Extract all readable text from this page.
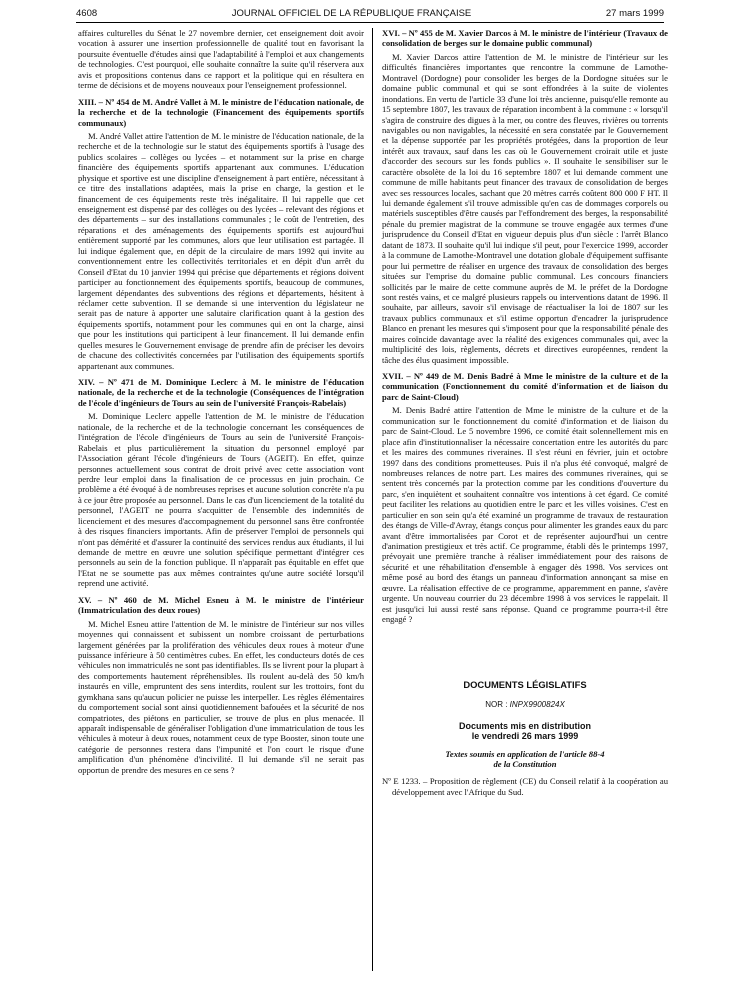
4608	JOURNAL OFFICIEL DE LA RÉPUBLIQUE FRANÇAISE	27 mars 1999

affaires culturelles du Sénat le 27 novembre dernier, cet enseignement doit avoir vocation à assurer une insertion professionnelle de qualité tout en favorisant la poursuite éventuelle d'études ainsi que l'adaptabilité à l'emploi et aux changements de technologies. C'est pourquoi, elle souhaite connaître la suite qu'il réservera aux avis et propositions contenus dans ce rapport et la politique qui en résultera en terme de décisions et de moyens nouveaux pour l'enseignement professionnel.

XIII. – Nº 454 de M. André Vallet à M. le ministre de l'éducation nationale, de la recherche et de la technologie (Financement des équipements sportifs communaux)

M. André Vallet attire l'attention de M. le ministre de l'éducation nationale, de la recherche et de la technologie sur le statut des équipements sportifs à l'usage des publics scolaires – collèges ou lycées – et notamment sur la prise en charge financière des équipements sportifs appartenant aux communes. L'éducation physique et sportive est une discipline d'enseignement à part entière, nécessitant à ce titre des installations adaptées, mais la prise en charge, la gestion et le financement de ces équipements reste très inégalitaire. Il lui rappelle que cet enseignement est dispensé par des collèges ou des lycées – relevant des régions et des départements – sur des installations communales ; le coût de l'entretien, des réparations et des aménagements des équipements sportifs est aujourd'hui entièrement supporté par les communes, alors que leur utilisation est partagée. Il lui indique également que, en dépit de la circulaire de mars 1992 qui invite au conventionnement entre les collectivités territoriales et en dépit d'un arrêt du Conseil d'Etat du 10 janvier 1994 qui précise que départements et régions doivent participer au fonctionnement des équipements sportifs, beaucoup de communes, largement dépendantes des subventions des régions et départements, hésitent à réclamer cette subvention. Il se demande si une intervention du législateur ne serait pas de nature à apporter une salutaire clarification quant à la gestion des équipements sportifs, notamment pour les communes qui en ont la charge, ainsi que pour les institutions qui participent à leur financement. Il lui demande enfin quelles mesures le Gouvernement envisage de prendre afin de préciser les devoirs de chacune des collectivités concernées par l'utilisation des équipements sportifs appartenant aux communes.

XIV. – Nº 471 de M. Dominique Leclerc à M. le ministre de l'éducation nationale, de la recherche et de la technologie (Conséquences de l'intégration de l'école d'ingénieurs de Tours au sein de l'université François-Rabelais)

M. Dominique Leclerc appelle l'attention de M. le ministre de l'éducation nationale, de la recherche et de la technologie concernant les conséquences de l'intégration de l'école d'ingénieurs de Tours au sein de l'université François-Rabelais et plus particulièrement la situation du personnel employé par l'Association gérant l'école d'ingénieurs de Tours (AGEIT). En effet, quinze personnes actuellement sous contrat de droit privé avec cette association vont perdre leur emploi dans la finalisation de ce processus en juin prochain. Ce problème a été évoqué à de nombreuses reprises et aucune solution concrète n'a pu à ce jour être proposée au personnel. Dans le cas d'un licenciement de la totalité du personnel, l'AGEIT ne pourra s'acquitter de l'ensemble des indemnités de licenciement et des mesures d'accompagnement du personnel sans être confrontée à des risques financiers importants. Afin de préserver l'emploi de personnels qui n'ont pas démérité et d'assurer la continuité des services rendus aux étudiants, il lui demande de mettre en œuvre une solution spécifique permettant d'intégrer ces personnels au sein de la fonction publique. Il n'apparaît pas équitable en effet que l'Etat ne se soumette pas aux mêmes contraintes qu'une autre société lorsqu'il reprend une activité.

XV. – Nº 460 de M. Michel Esneu à M. le ministre de l'intérieur (Immatriculation des deux roues)

M. Michel Esneu attire l'attention de M. le ministre de l'intérieur sur nos villes moyennes qui connaissent et subissent un nombre croissant de perturbations largement générées par la prolifération des véhicules deux roues à moteur d'une puissance inférieure à 50 centimètres cubes. En effet, les conducteurs dotés de ces véhicules non immatriculés ne sont pas identifiables. Ils se livrent pour la plupart à des comportements hautement répréhensibles. Ils roulent au-delà des 50 km/h instaurés en ville, empruntent des sens interdits, roulent sur les trottoirs, font du gymkhana sans qu'aucun policier ne puisse les interpeller. Les règles élémentaires du comportement social sont ainsi quotidiennement bafouées et la sécurité de nos compatriotes, des piétons en particulier, se trouve de plus en plus menacée. Il apparaît indispensable de généraliser l'obligation d'une immatriculation de tous les véhicules à moteur à deux roues, notamment ceux de type Booster, sinon toute une catégorie de personnes restera dans l'impunité et l'on court le risque d'une amplification d'un phénomène d'incivilité. Il lui demande s'il ne serait pas opportun de prendre des mesures en ce sens ?

XVI. – Nº 455 de M. Xavier Darcos à M. le ministre de l'intérieur (Travaux de consolidation de berges sur le domaine public communal)

M. Xavier Darcos attire l'attention de M. le ministre de l'intérieur sur les difficultés financières importantes que rencontre la commune de Lamothe-Montravel (Dordogne) pour consolider les berges de la Dordogne situées sur le domaine public communal et qui se sont effondrées à la suite de violentes inondations. En vertu de l'article 33 d'une loi très ancienne, puisqu'elle remonte au 15 septembre 1807, les travaux de réparation incombent à la commune : « lorsqu'il s'agira de construire des digues à la mer, ou contre des fleuves, rivières ou torrents navigables ou non navigables, la nécessité en sera constatée par le Gouvernement et la dépense supportée par les propriétés protégées, dans la proportion de leur intérêt aux travaux, sauf dans les cas où le Gouvernement croirait utile et juste d'accorder des secours sur les fonds publics ». Il souhaite le sensibiliser sur le caractère obsolète de la loi du 16 septembre 1807 et lui demande comment une commune de mille habitants peut financer des travaux de consolidation de berges avec ses ressources locales, sachant que 20 mètres carrés coûtent 800 000 F HT. Il lui demande également s'il trouve admissible qu'en cas de dommages corporels ou matériels susceptibles d'être causés par l'effondrement des berges, la responsabilité pénale du premier magistrat de la commune se trouve engagée aux termes d'une jurisprudence du Conseil d'Etat en vigueur depuis plus d'un siècle : l'arrêt Blanco datant de 1873. Il souhaite qu'il lui indique s'il peut, pour l'exercice 1999, accorder à la commune de Lamothe-Montravel une dotation globale d'équipement suffisante pour lui permettre de réaliser en urgence des travaux de consolidation des berges situées sur l'emprise du domaine public communal. Les concours financiers sollicités par le maire de cette commune auprès de M. le préfet de la Dordogne sont restés vains, et ce malgré plusieurs rappels ou interventions datant de 1996. Il souhaite, par ailleurs, savoir s'il envisage de réactualiser la loi de 1807 sur les travaux publics communaux et s'il estime opportun d'encadrer la jurisprudence Blanco en prenant les mesures qui s'imposent pour que la responsabilité pénale des maires coïncide davantage avec la réalité des exigences communales qui, avec la multiplicité des lois, règlements, décrets et directives européennes, rendent la tâche des élus quasiment impossible.

XVII. – Nº 449 de M. Denis Badré à Mme le ministre de la culture et de la communication (Fonctionnement du comité d'information et de liaison du parc de Saint-Cloud)

M. Denis Badré attire l'attention de Mme le ministre de la culture et de la communication sur le fonctionnement du comité d'information et de liaison du parc de Saint-Cloud. Le 5 novembre 1996, ce comité était solennellement mis en place afin d'institutionnaliser la nécessaire concertation entre les autorités du parc et les maires des communes riveraines. Il s'est réuni en février, juin et octobre 1997 dans des conditions prometteuses. Puis il n'a plus été convoqué, malgré de nombreuses relances de notre part. Les maires des communes riveraines, qui se sentent très concernés par la protection comme par les conditions d'ouverture du parc, s'en inquiètent et souhaitent connaître vos intentions à cet égard. Ce comité peut faciliter les relations au quotidien entre le parc et les villes voisines. C'est en particulier en son sein qu'a été examiné un programme de travaux de restauration des étangs de Ville-d'Avray, étangs conçus pour alimenter les grandes eaux du parc avant d'être immortalisées par Corot et de représenter aujourd'hui un centre d'animation prestigieux et très actif. Ce programme, établi dès le printemps 1997, prévoyait une première tranche à réaliser immédiatement pour des raisons de sécurité et une réhabilitation d'ensemble à engager dès 1998. Vos services ont même posé au bord des étangs un panneau d'information annonçant sa mise en œuvre. La réalisation effective de ce programme, apparemment en panne, s'avère urgente. Un nouveau courrier du 23 décembre 1998 à vos services le rappelait. Il est jusqu'ici lui aussi resté sans réponse. Quand ce programme pourra-t-il être engagé ?

DOCUMENTS LÉGISLATIFS
NOR : INPX9900824X
Documents mis en distribution
le vendredi 26 mars 1999
Textes soumis en application de l'article 88-4
de la Constitution

Nº E 1233. – Proposition de règlement (CE) du Conseil relatif à la coopération au développement avec l'Afrique du Sud.
